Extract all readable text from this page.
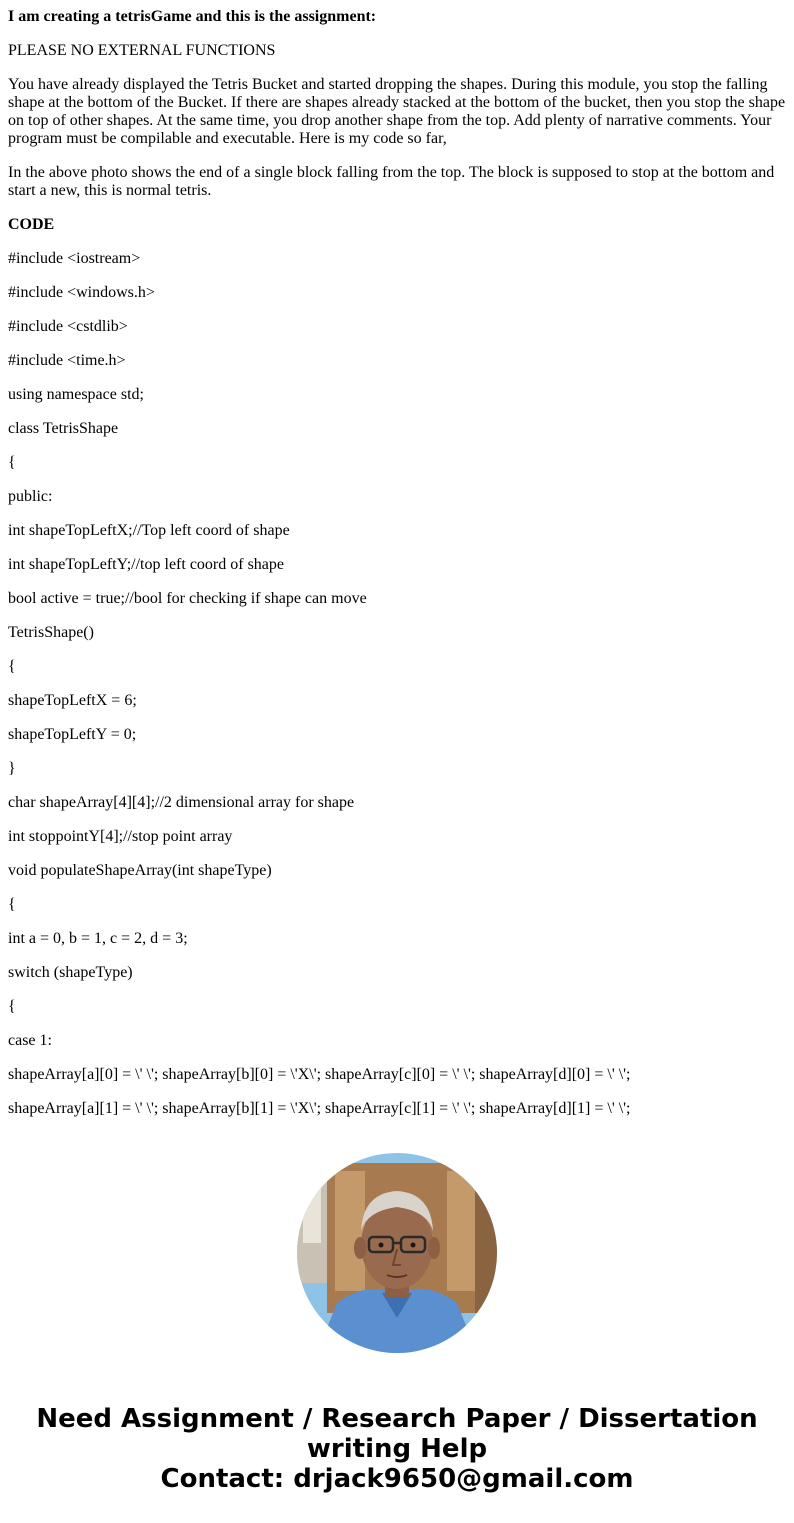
I am creating a tetrisGame and this is the assignment:

PLEASE NO EXTERNAL FUNCTIONS

You have already displayed the Tetris Bucket and started dropping the shapes. During this module, you stop the falling shape at the bottom of the Bucket. If there are shapes already stacked at the bottom of the bucket, then you stop the shape on top of other shapes. At the same time, you drop another shape from the top. Add plenty of narrative comments. Your program must be compilable and executable. Here is my code so far,

In the above photo shows the end of a single block falling from the top. The block is supposed to stop at the bottom and start a new, this is normal tetris.

CODE

#include <iostream>

#include <windows.h>

#include <cstdlib>

#include <time.h>

using namespace std;

class TetrisShape

{

public:

int shapeTopLeftX;//Top left coord of shape

int shapeTopLeftY;//top left coord of shape

bool active = true;//bool for checking if shape can move

TetrisShape()

{

shapeTopLeftX = 6;

shapeTopLeftY = 0;

}

char shapeArray[4][4];//2 dimensional array for shape

int stoppointY[4];//stop point array

void populateShapeArray(int shapeType)

{

int a = 0, b = 1, c = 2, d = 3;

switch (shapeType)

{

case 1:

shapeArray[a][0] = \' \'; shapeArray[b][0] = \'X\'; shapeArray[c][0] = \' \'; shapeArray[d][0] = \' \';

shapeArray[a][1] = \' \'; shapeArray[b][1] = \'X\'; shapeArray[c][1] = \' \'; shapeArray[d][1] = \' \';

Need Assignment / Research Paper / Dissertation
writing Help
Contact: drjack9650@gmail.com
